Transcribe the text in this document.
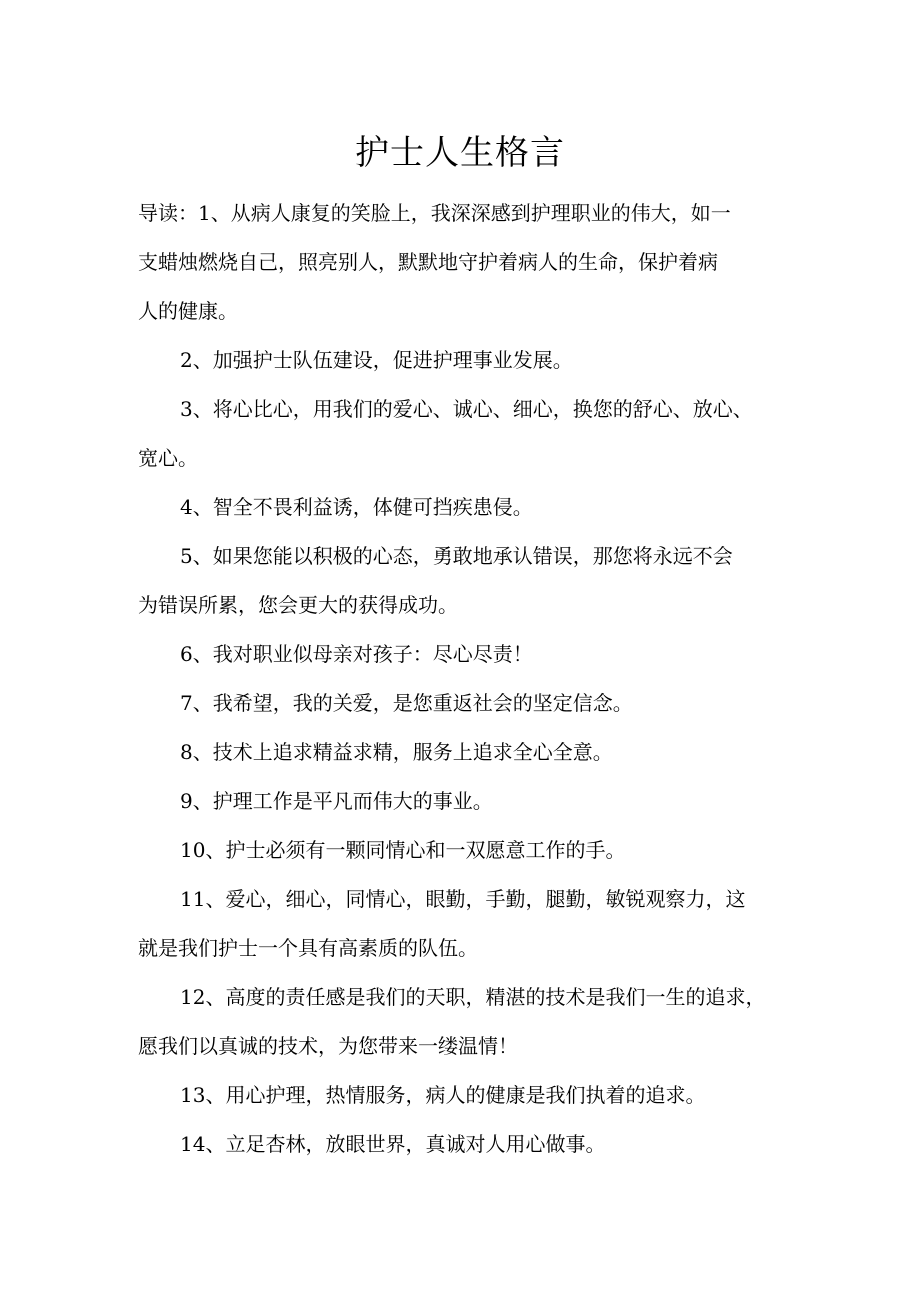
护士人生格言

导读：1、从病人康复的笑脸上，我深深感到护理职业的伟大，如一
支蜡烛燃烧自己，照亮别人，默默地守护着病人的生命，保护着病
人的健康。

2、加强护士队伍建设，促进护理事业发展。

3、将心比心，用我们的爱心、诚心、细心，换您的舒心、放心、
宽心。

4、智全不畏利益诱，体健可挡疾患侵。

5、如果您能以积极的心态，勇敢地承认错误，那您将永远不会
为错误所累，您会更大的获得成功。

6、我对职业似母亲对孩子：尽心尽责！

7、我希望，我的关爱，是您重返社会的坚定信念。

8、技术上追求精益求精，服务上追求全心全意。

9、护理工作是平凡而伟大的事业。

10、护士必须有一颗同情心和一双愿意工作的手。

11、爱心，细心，同情心，眼勤，手勤，腿勤，敏锐观察力，这
就是我们护士一个具有高素质的队伍。

12、高度的责任感是我们的天职，精湛的技术是我们一生的追求，
愿我们以真诚的技术，为您带来一缕温情！

13、用心护理，热情服务，病人的健康是我们执着的追求。

14、立足杏林，放眼世界，真诚对人用心做事。
